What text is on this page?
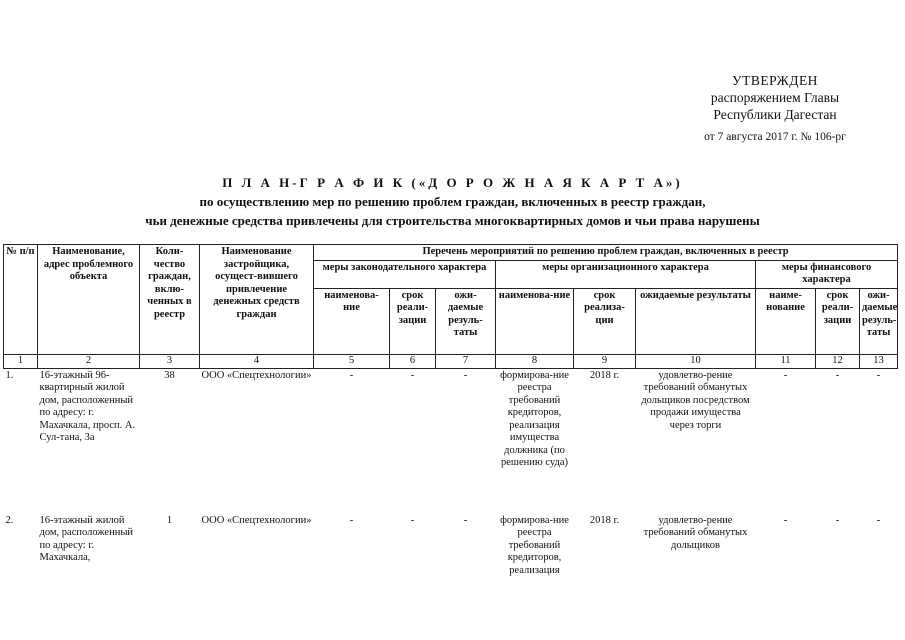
УТВЕРЖДЕН
распоряжением Главы
Республики Дагестан
от 7 августа 2017 г. № 106-рг
П Л А Н-Г Р А Ф И К («Д О Р О Ж Н А Я К А Р Т А»)
по осуществлению мер по решению проблем граждан, включенных в реестр граждан,
чьи денежные средства привлечены для строительства многоквартирных домов и чьи права нарушены
№ п/п	Наименование, адрес проблемного объекта	Коли-чество граждан, вклю-ченных в реестр	Наименование застройщика, осущест-вившего привлечение денежных средств граждан	Перечень мероприятий по решению проблем граждан, включенных в реестр								
				меры законодательного характера			меры организационного характера			меры финансового характера		
				наименова-ние	срок реали-зации	ожи-даемые резуль-таты	наименова-ние	срок реализа-ции	ожидаемые результаты	наиме-нование	срок реали-зации	ожи-даемые резуль-таты
1	2	3	4	5	6	7	8	9	10	11	12	13
1.	16-этажный 96-квартирный жилой дом, расположенный по адресу: г. Махачкала, просп. А. Сул-тана, 3а	38	ООО «Спецтехнологии»	-	-	-	формирова-ние реестра требований кредиторов, реализация имущества должника (по решению суда)	2018 г.	удовлетво-рение требований обманутых дольщиков посредством продажи имущества через торги	-	-	-
2.	16-этажный жилой дом, расположенный по адресу: г. Махачкала,	1	ООО «Спецтехнологии»	-	-	-	формирова-ние реестра требований кредиторов, реализация	2018 г.	удовлетво-рение требований обманутых дольщиков	-	-	-
